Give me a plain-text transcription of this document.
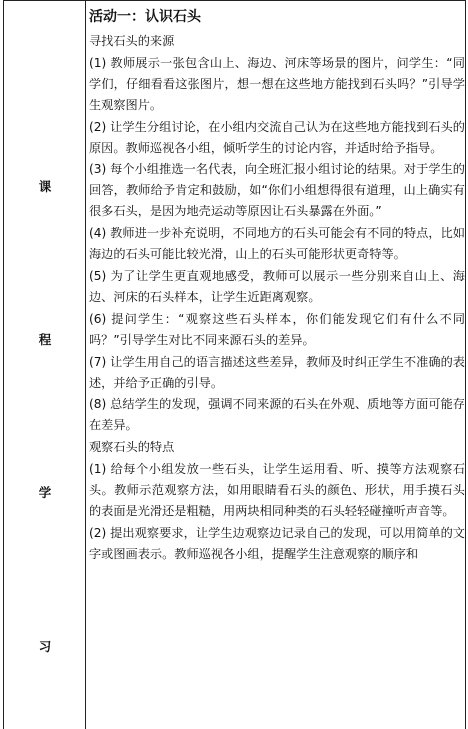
课
程
学
习

活动一：认识石头

寻找石头的来源

(1) 教师展示一张包含山上、海边、河床等场景的图片，问学生：“同学们，仔细看看这张图片，想一想在这些地方能找到石头吗？”引导学生观察图片。

(2) 让学生分组讨论，在小组内交流自己认为在这些地方能找到石头的原因。教师巡视各小组，倾听学生的讨论内容，并适时给予指导。

(3) 每个小组推选一名代表，向全班汇报小组讨论的结果。对于学生的回答，教师给予肯定和鼓励，如“你们小组想得很有道理，山上确实有很多石头，是因为地壳运动等原因让石头暴露在外面。”

(4) 教师进一步补充说明，不同地方的石头可能会有不同的特点，比如海边的石头可能比较光滑，山上的石头可能形状更奇特等。

(5) 为了让学生更直观地感受，教师可以展示一些分别来自山上、海边、河床的石头样本，让学生近距离观察。

(6) 提问学生：“观察这些石头样本，你们能发现它们有什么不同吗？”引导学生对比不同来源石头的差异。

(7) 让学生用自己的语言描述这些差异，教师及时纠正学生不准确的表述，并给予正确的引导。

(8) 总结学生的发现，强调不同来源的石头在外观、质地等方面可能存在差异。

观察石头的特点

(1) 给每个小组发放一些石头，让学生运用看、听、摸等方法观察石头。教师示范观察方法，如用眼睛看石头的颜色、形状，用手摸石头的表面是光滑还是粗糙，用两块相同种类的石头轻轻碰撞听声音等。

(2) 提出观察要求，让学生边观察边记录自己的发现，可以用简单的文字或图画表示。教师巡视各小组，提醒学生注意观察的顺序和
